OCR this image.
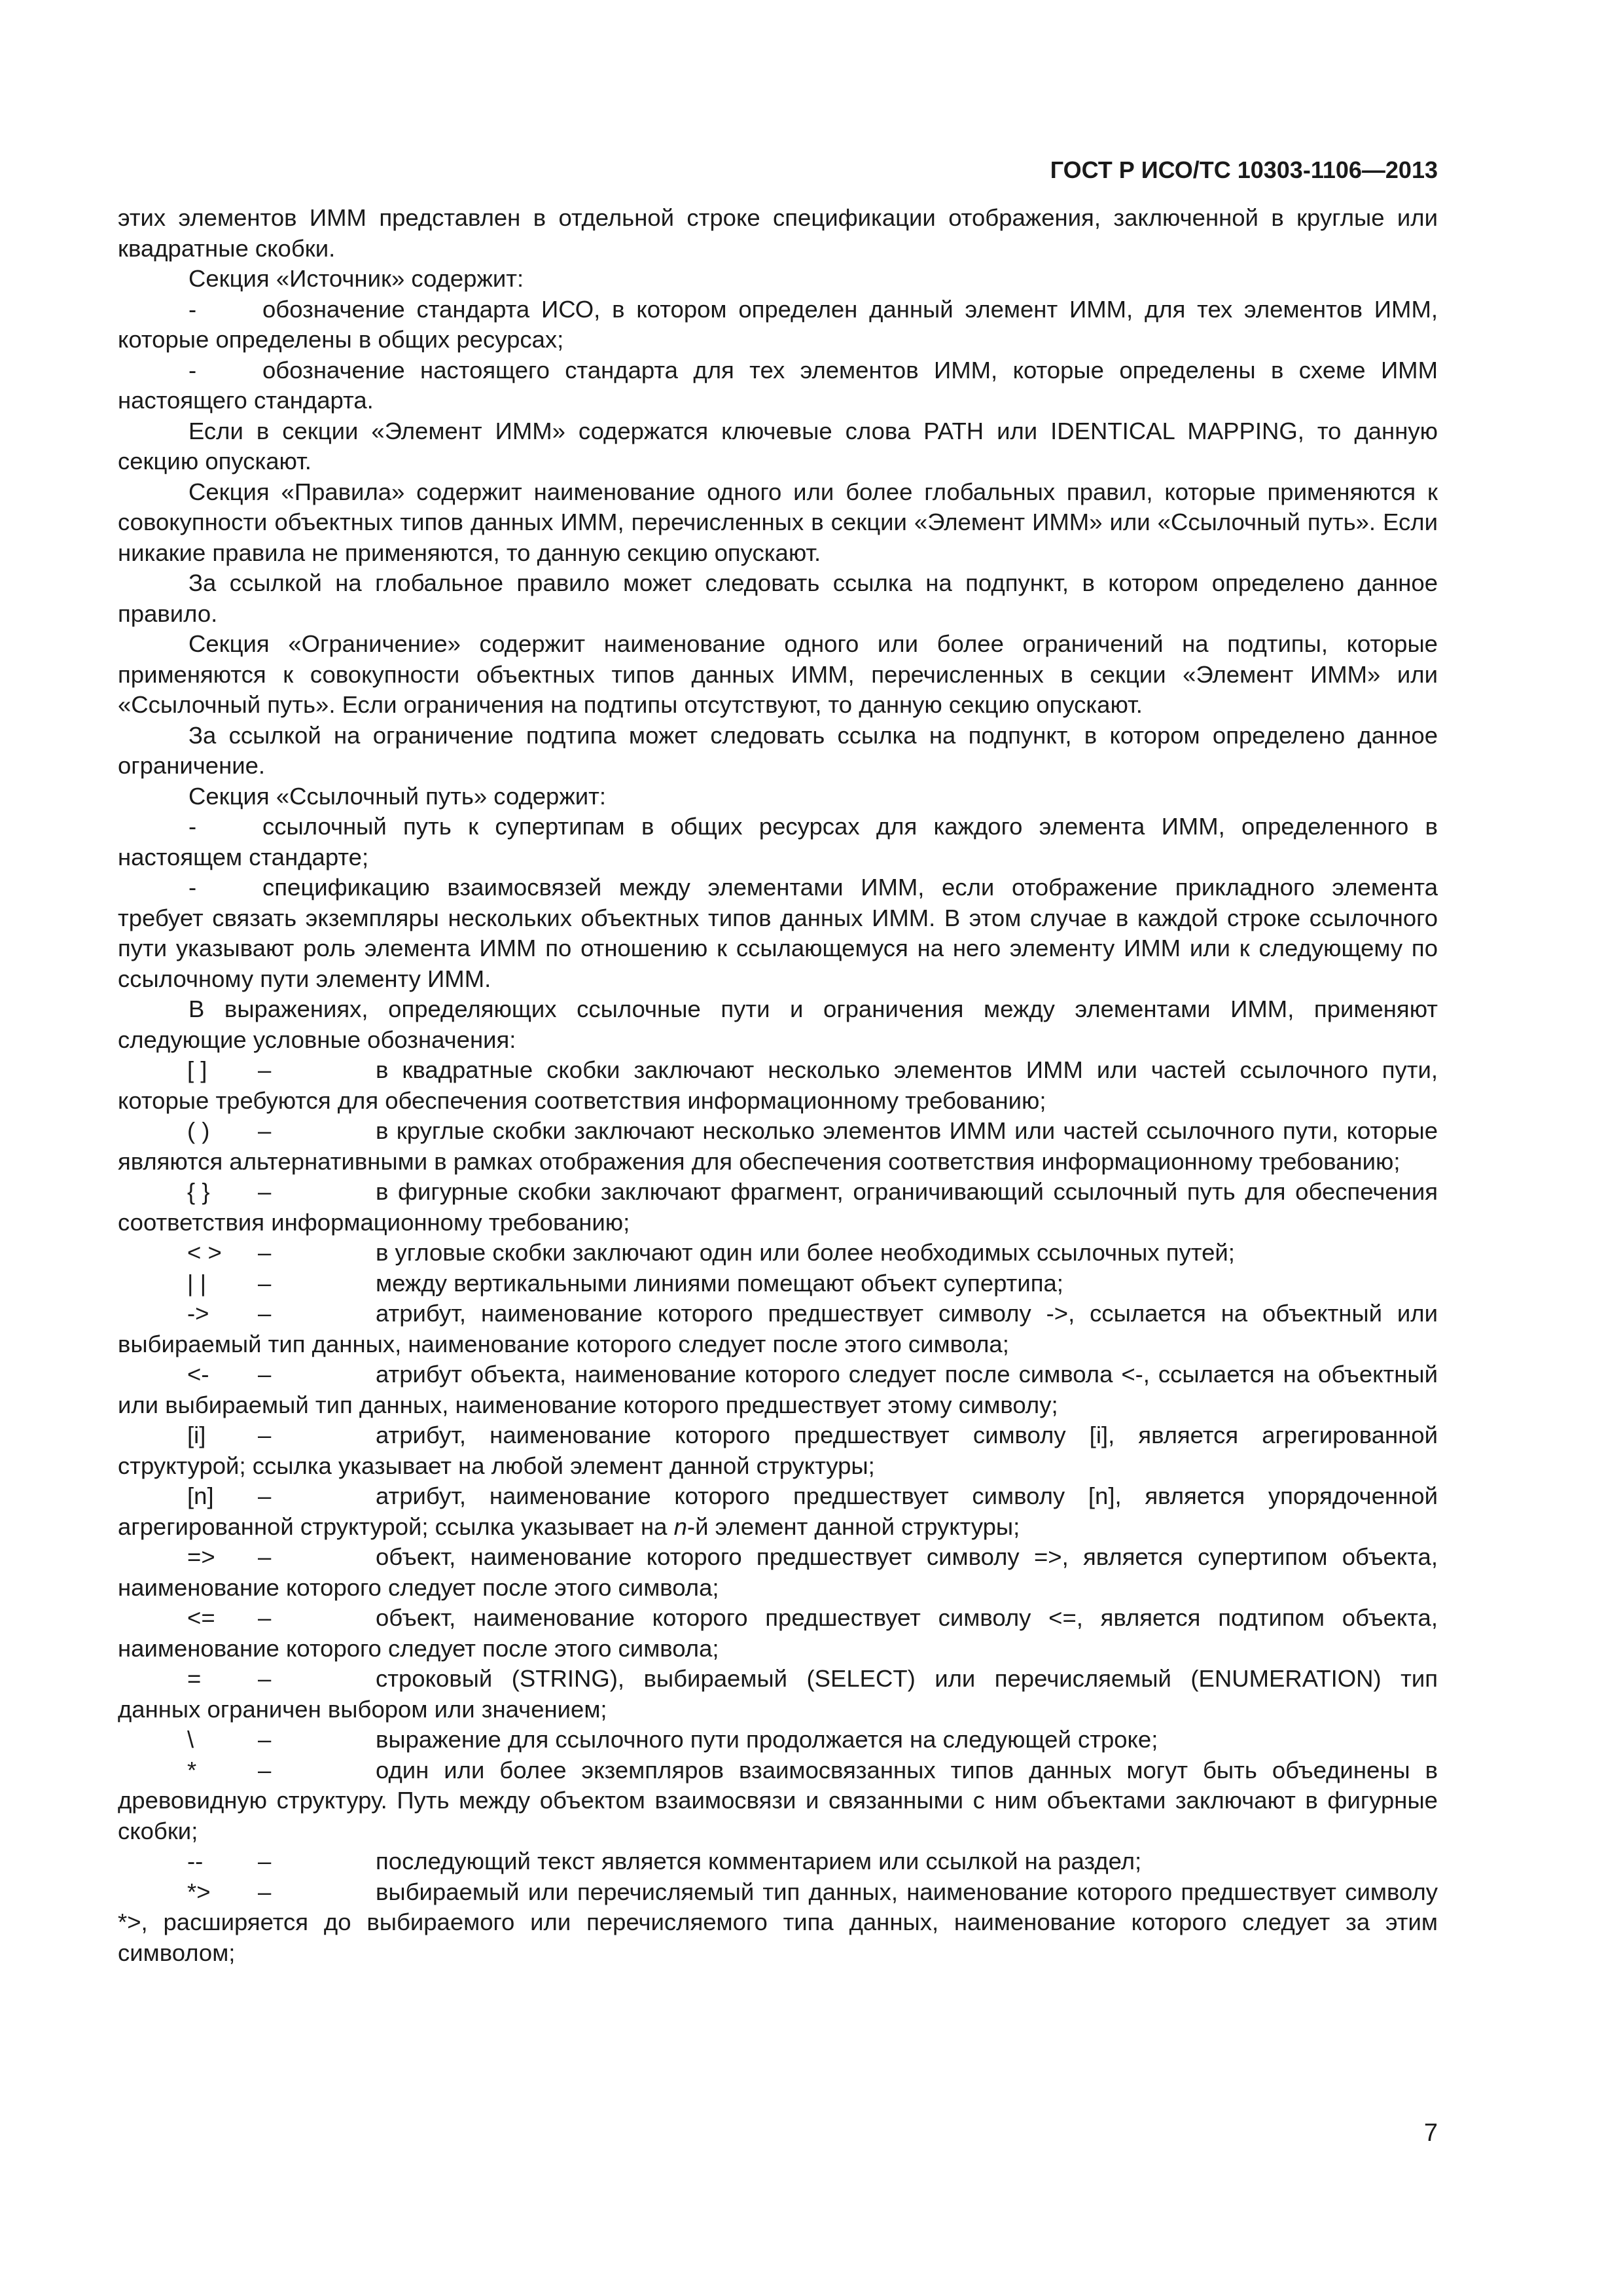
ГОСТ Р ИСО/ТС 10303-1106—2013

этих элементов ИММ представлен в отдельной строке спецификации отображения, заключенной в круглые или квадратные скобки.

Секция «Источник» содержит:

-	обозначение стандарта ИСО, в котором определен данный элемент ИММ, для тех элементов ИММ, которые определены в общих ресурсах;

-	обозначение настоящего стандарта для тех элементов ИММ, которые определены в схеме ИММ настоящего стандарта.

Если в секции «Элемент ИММ» содержатся ключевые слова PATH или IDENTICAL MAPPING, то данную секцию опускают.

Секция «Правила» содержит наименование одного или более глобальных правил, которые применяются к совокупности объектных типов данных ИММ, перечисленных в секции «Элемент ИММ» или «Ссылочный путь». Если никакие правила не применяются, то данную секцию опускают.

За ссылкой на глобальное правило может следовать ссылка на подпункт, в котором определено данное правило.

Секция «Ограничение» содержит наименование одного или более ограничений на подтипы, которые применяются к совокупности объектных типов данных ИММ, перечисленных в секции «Элемент ИММ» или «Ссылочный путь». Если ограничения на подтипы отсутствуют, то данную секцию опускают.

За ссылкой на ограничение подтипа может следовать ссылка на подпункт, в котором определено данное ограничение.

Секция «Ссылочный путь» содержит:

-	ссылочный путь к супертипам в общих ресурсах для каждого элемента ИММ, определенного в настоящем стандарте;

-	спецификацию взаимосвязей между элементами ИММ, если отображение прикладного элемента требует связать экземпляры нескольких объектных типов данных ИММ. В этом случае в каждой строке ссылочного пути указывают роль элемента ИММ по отношению к ссылающемуся на него элементу ИММ или к следующему по ссылочному пути элементу ИММ.

В выражениях, определяющих ссылочные пути и ограничения между элементами ИММ, применяют следующие условные обозначения:

[ ] –	в квадратные скобки заключают несколько элементов ИММ или частей ссылочного пути, которые требуются для обеспечения соответствия информационному требованию;

( ) –	в круглые скобки заключают несколько элементов ИММ или частей ссылочного пути, которые являются альтернативными в рамках отображения для обеспечения соответствия информационному требованию;

{ } –	в фигурные скобки заключают фрагмент, ограничивающий ссылочный путь для обеспечения соответствия информационному требованию;

< > –	в угловые скобки заключают один или более необходимых ссылочных путей;

| | –	между вертикальными линиями помещают объект супертипа;

-> –	атрибут, наименование которого предшествует символу ->, ссылается на объектный или выбираемый тип данных, наименование которого следует после этого символа;

<- –	атрибут объекта, наименование которого следует после символа <-, ссылается на объектный или выбираемый тип данных, наименование которого предшествует этому символу;

[i] –	атрибут, наименование которого предшествует символу [i], является агрегированной структурой; ссылка указывает на любой элемент данной структуры;

[n] –	атрибут, наименование которого предшествует символу [n], является упорядоченной агрегированной структурой; ссылка указывает на n-й элемент данной структуры;

=> –	объект, наименование которого предшествует символу =>, является супертипом объекта, наименование которого следует после этого символа;

<= –	объект, наименование которого предшествует символу <=, является подтипом объекта, наименование которого следует после этого символа;

= –	строковый (STRING), выбираемый (SELECT) или перечисляемый (ENUMERATION) тип данных ограничен выбором или значением;

\	–	выражение для ссылочного пути продолжается на следующей строке;

*	–	один или более экземпляров взаимосвязанных типов данных могут быть объединены в древовидную структуру. Путь между объектом взаимосвязи и связанными с ним объектами заключают в фигурные скобки;

-- –	последующий текст является комментарием или ссылкой на раздел;

*> –	выбираемый или перечисляемый тип данных, наименование которого предшествует символу *>, расширяется до выбираемого или перечисляемого типа данных, наименование которого следует за этим символом;

7
